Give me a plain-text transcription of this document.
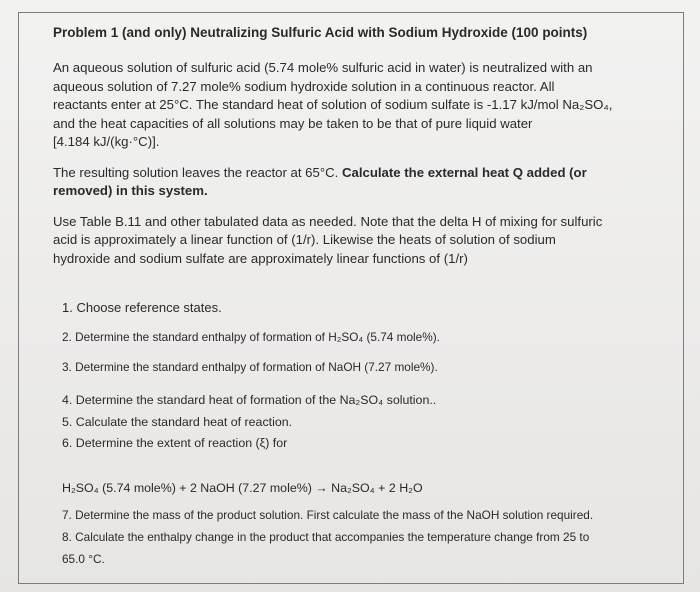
Problem 1 (and only) Neutralizing Sulfuric Acid with Sodium Hydroxide (100 points)
An aqueous solution of sulfuric acid (5.74 mole% sulfuric acid in water) is neutralized with an
aqueous solution of 7.27 mole% sodium hydroxide solution in a continuous reactor. All
reactants enter at 25°C. The standard heat of solution of sodium sulfate is -1.17 kJ/mol Na₂SO₄,
and the heat capacities of all solutions may be taken to be that of pure liquid water
[4.184 kJ/(kg·°C)].
The resulting solution leaves the reactor at 65°C. Calculate the external heat Q added (or
removed) in this system.
Use Table B.11 and other tabulated data as needed. Note that the delta H of mixing for sulfuric
acid is approximately a linear function of (1/r). Likewise the heats of solution of sodium
hydroxide and sodium sulfate are approximately linear functions of (1/r)
1. Choose reference states.
2. Determine the standard enthalpy of formation of H₂SO₄ (5.74 mole%).
3. Determine the standard enthalpy of formation of NaOH (7.27 mole%).
4. Determine the standard heat of formation of the Na₂SO₄ solution..
5. Calculate the standard heat of reaction.
6. Determine the extent of reaction (ξ) for
H₂SO₄ (5.74 mole%) + 2 NaOH (7.27 mole%) → Na₂SO₄ + 2 H₂O
7. Determine the mass of the product solution. First calculate the mass of the NaOH solution required.
8. Calculate the enthalpy change in the product that accompanies the temperature change from 25 to
65.0 °C.
